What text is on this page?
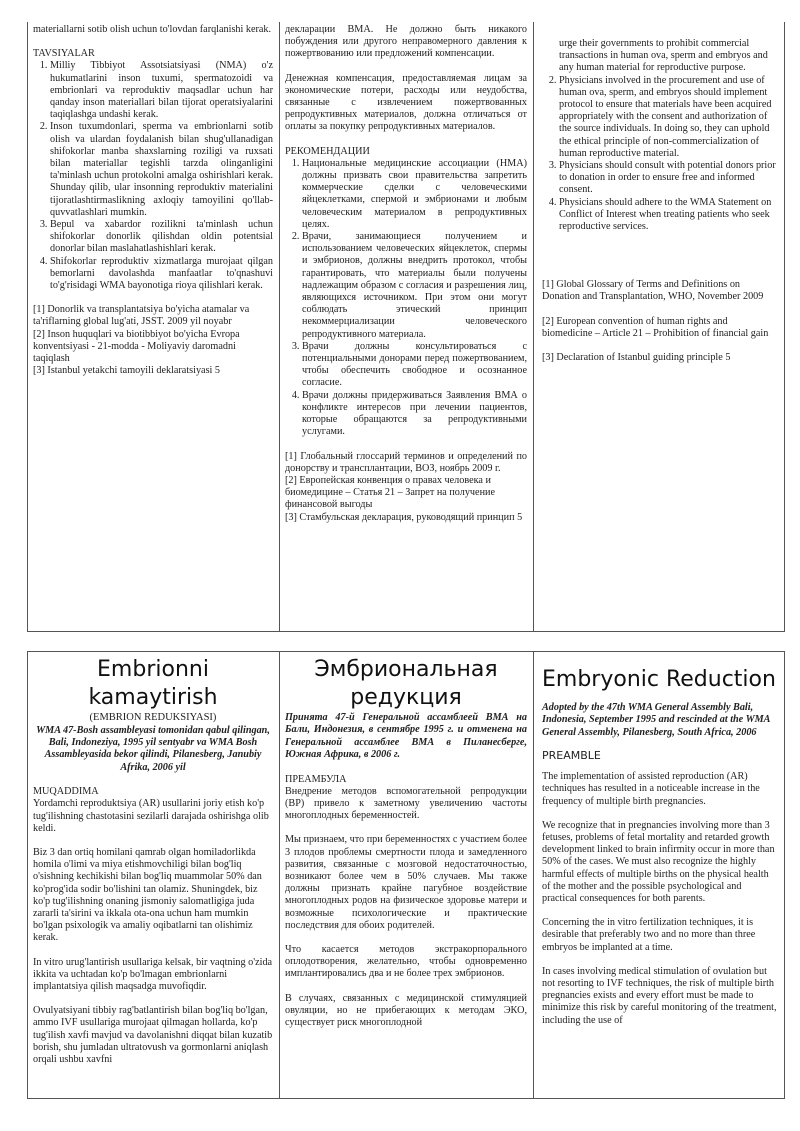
materiallarni sotib olish uchun to'lovdan farqlanishi kerak.

TAVSIYALAR

1. Milliy Tibbiyot Assotsiatsiyasi (NMA) o'z hukumatlarini inson tuxumi, spermatozoidi va embrionlari va reproduktiv maqsadlar uchun har qanday inson materiallari bilan tijorat operatsiyalarini taqiqlashga undashi kerak.
2. Inson tuxumdonlari, sperma va embrionlarni sotib olish va ulardan foydalanish bilan shug'ullanadigan shifokorlar manba shaxslarning roziligi va ruxsati bilan materiallar tegishli tarzda olinganligini ta'minlash uchun protokolni amalga oshirishlari kerak. Shunday qilib, ular insonning reproduktiv materialini tijoratlashtirmaslikning axloqiy tamoyilini qo'llab-quvvatlashlari mumkin.
3. Bepul va xabardor rozilikni ta'minlash uchun shifokorlar donorlik qilishdan oldin potentsial donorlar bilan maslahatlashishlari kerak.
4. Shifokorlar reproduktiv xizmatlarga murojaat qilgan bemorlarni davolashda manfaatlar to'qnashuvi to'g'risidagi WMA bayonotiga rioya qilishlari kerak.

[1] Donorlik va transplantatsiya bo'yicha atamalar va ta'riflarning global lug'ati, JSST. 2009 yil noyabr

[2] Inson huquqlari va biotibbiyot bo'yicha Evropa konventsiyasi - 21-modda - Moliyaviy daromadni taqiqlash

[3] Istanbul yetakchi tamoyili deklaratsiyasi 5

декларации ВМА. Не должно быть никакого побуждения или другого неправомерного давления к пожертвованию или предложений компенсации.

Денежная компенсация, предоставляемая лицам за экономические потери, расходы или неудобства, связанные с извлечением пожертвованных репродуктивных материалов, должна отличаться от оплаты за покупку репродуктивных материалов.

РЕКОМЕНДАЦИИ

1. Национальные медицинские ассоциации (НМА) должны призвать свои правительства запретить коммерческие сделки с человеческими яйцеклетками, спермой и эмбрионами и любым человеческим материалом в репродуктивных целях.
2. Врачи, занимающиеся получением и использованием человеческих яйцеклеток, спермы и эмбрионов, должны внедрить протокол, чтобы гарантировать, что материалы были получены надлежащим образом с согласия и разрешения лиц, являющихся источником. При этом они могут соблюдать этический принцип некоммерциализации человеческого репродуктивного материала.
3. Врачи должны консультироваться с потенциальными донорами перед пожертвованием, чтобы обеспечить свободное и осознанное согласие.
4. Врачи должны придерживаться Заявления ВМА о конфликте интересов при лечении пациентов, которые обращаются за репродуктивными услугами.

[1] Глобальный глоссарий терминов и определений по донорству и трансплантации, ВОЗ, ноябрь 2009 г.

[2] Европейская конвенция о правах человека и биомедицине – Статья 21 – Запрет на получение финансовой выгоды

[3] Стамбульская декларация, руководящий принцип 5

urge their governments to prohibit commercial transactions in human ova, sperm and embryos and any human material for reproductive purpose.
2. Physicians involved in the procurement and use of human ova, sperm, and embryos should implement protocol to ensure that materials have been acquired appropriately with the consent and authorization of the source individuals. In doing so, they can uphold the ethical principle of non-commercialization of human reproductive material.
3. Physicians should consult with potential donors prior to donation in order to ensure free and informed consent.
4. Physicians should adhere to the WMA Statement on Conflict of Interest when treating patients who seek reproductive services.

[1] Global Glossary of Terms and Definitions on Donation and Transplantation, WHO, November 2009

[2] European convention of human rights and biomedicine – Article 21 – Prohibition of financial gain

[3] Declaration of Istanbul guiding principle 5

Embrionni kamaytirish

(EMBRION REDUKSIYASI)

WMA 47-Bosh assambleyasi tomonidan qabul qilingan, Bali, Indoneziya, 1995 yil sentyabr va WMA Bosh Assambleyasida bekor qilindi, Pilanesberg, Janubiy Afrika, 2006 yil

MUQADDIMA

Yordamchi reproduktsiya (AR) usullarini joriy etish ko'p tug'ilishning chastotasini sezilarli darajada oshirishga olib keldi.

Biz 3 dan ortiq homilani qamrab olgan homiladorlikda homila o'limi va miya etishmovchiligi bilan bog'liq o'sishning kechikishi bilan bog'liq muammolar 50% dan ko'prog'ida sodir bo'lishini tan olamiz. Shuningdek, biz ko'p tug'ilishning onaning jismoniy salomatligiga juda zararli ta'sirini va ikkala ota-ona uchun ham mumkin bo'lgan psixologik va amaliy oqibatlarni tan olishimiz kerak.

In vitro urug'lantirish usullariga kelsak, bir vaqtning o'zida ikkita va uchtadan ko'p bo'lmagan embrionlarni implantatsiya qilish maqsadga muvofiqdir.

Ovulyatsiyani tibbiy rag'batlantirish bilan bog'liq bo'lgan, ammo IVF usullariga murojaat qilmagan hollarda, ko'p tug'ilish xavfi mavjud va davolanishni diqqat bilan kuzatib borish, shu jumladan ultratovush va gormonlarni aniqlash orqali ushbu xavfni

Эмбриональная редукция

Принята 47-й Генеральной ассамблеей ВМА на Бали, Индонезия, в сентябре 1995 г. и отменена на Генеральной ассамблее ВМА в Пиланесберге, Южная Африка, в 2006 г.

ПРЕАМБУЛА

Внедрение методов вспомогательной репродукции (ВР) привело к заметному увеличению частоты многоплодных беременностей.

Мы признаем, что при беременностях с участием более 3 плодов проблемы смертности плода и замедленного развития, связанные с мозговой недостаточностью, возникают более чем в 50% случаев. Мы также должны признать крайне пагубное воздействие многоплодных родов на физическое здоровье матери и возможные психологические и практические последствия для обоих родителей.

Что касается методов экстракорпорального оплодотворения, желательно, чтобы одновременно имплантировались два и не более трех эмбрионов.

В случаях, связанных с медицинской стимуляцией овуляции, но не прибегающих к методам ЭКО, существует риск многоплодной

Embryonic Reduction

Adopted by the 47th WMA General Assembly Bali, Indonesia, September 1995 and rescinded at the WMA General Assembly, Pilanesberg, South Africa, 2006

PREAMBLE

The implementation of assisted reproduction (AR) techniques has resulted in a noticeable increase in the frequency of multiple birth pregnancies.

We recognize that in pregnancies involving more than 3 fetuses, problems of fetal mortality and retarded growth development linked to brain infirmity occur in more than 50% of the cases. We must also recognize the highly harmful effects of multiple births on the physical health of the mother and the possible psychological and practical consequences for both parents.

Concerning the in vitro fertilization techniques, it is desirable that preferably two and no more than three embryos be implanted at a time.

In cases involving medical stimulation of ovulation but not resorting to IVF techniques, the risk of multiple birth pregnancies exists and every effort must be made to minimize this risk by careful monitoring of the treatment, including the use of
